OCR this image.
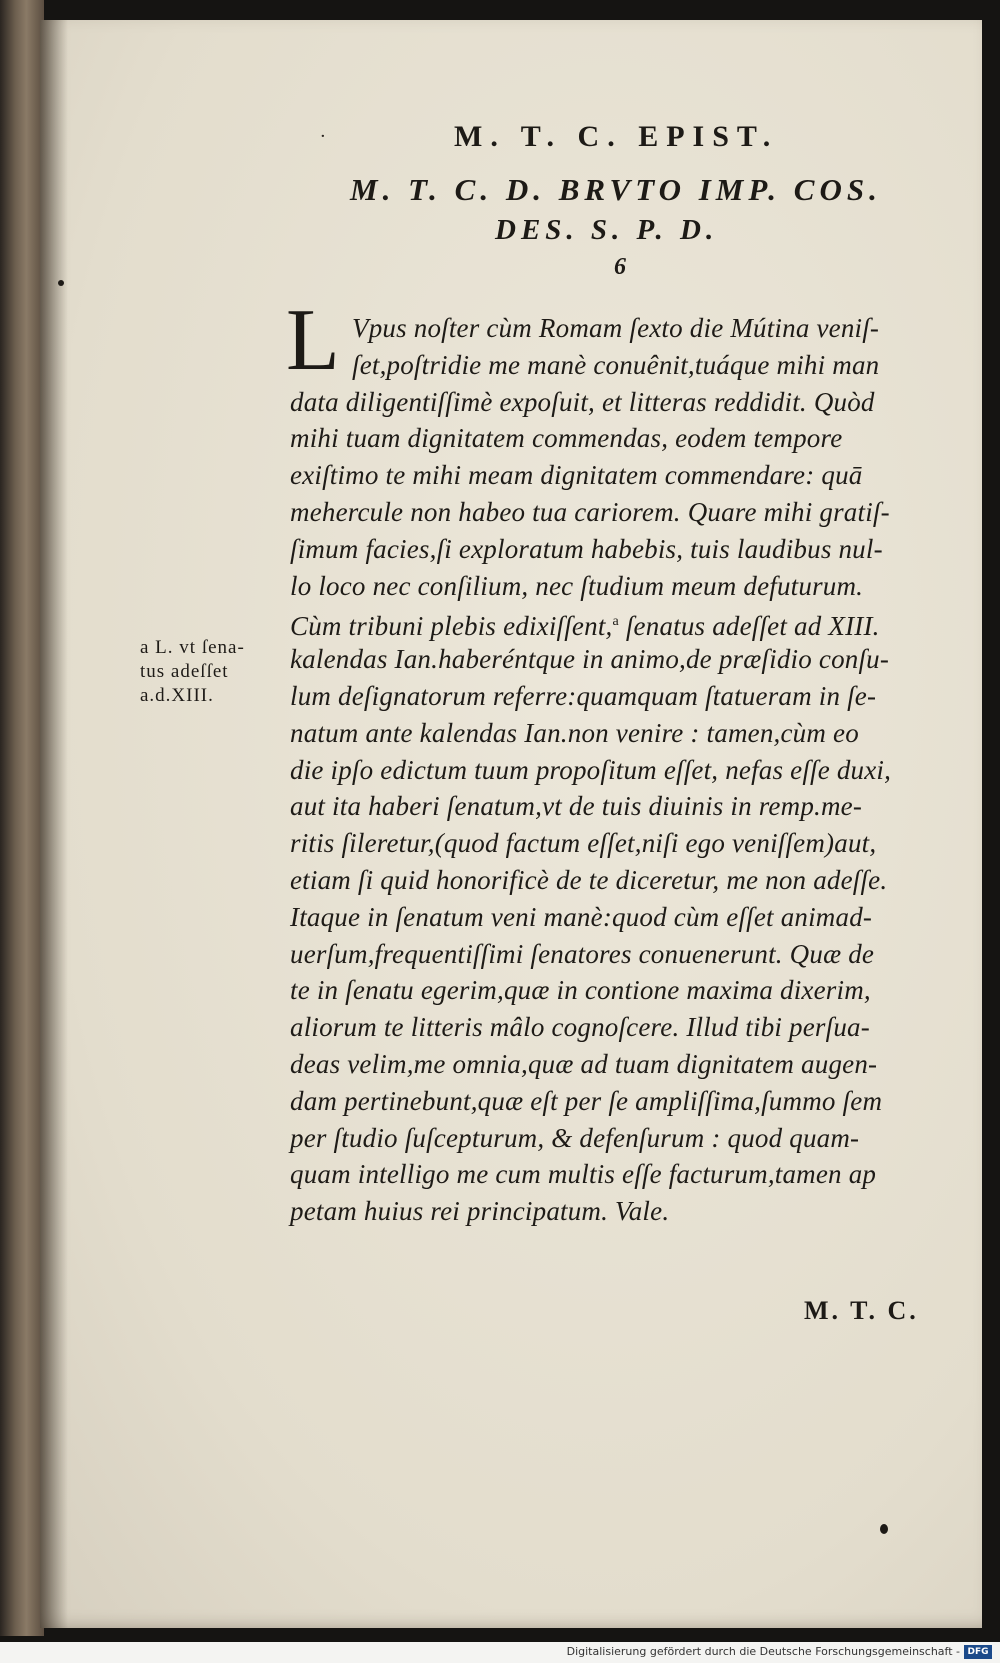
·	M. T. C. EPIST.
M. T. C. D. BRVTO IMP. COS.
DES. S. P. D.
6
L Vpus noſter cùm Romam ſexto die Mútina veniſ-
ſet,poſtridie me manè conuênit,tuáque mihi man
data diligentiſſimè expoſuit, et litteras reddidit. Quòd
mihi tuam dignitatem commendas, eodem tempore
exiſtimo te mihi meam dignitatem commendare: quā
mehercule non habeo tua cariorem. Quare mihi gratiſ-
ſimum facies,ſi exploratum habebis, tuis laudibus nul-
lo loco nec conſilium, nec ſtudium meum defuturum.
Cùm tribuni plebis edixiſſent,$^a$ ſenatus adeſſet ad XIII.
kalendas Ian.haberéntque in animo,de præſidio conſu-
lum deſignatorum referre:quamquam ſtatueram in ſe-
natum ante kalendas Ian.non venire : tamen,cùm eo
die ipſo edictum tuum propoſitum eſſet, nefas eſſe duxi,
aut ita haberi ſenatum,vt de tuis diuinis in remp.me-
ritis ſileretur,(quod factum eſſet,niſi ego veniſſem)aut,
etiam ſi quid honorificè de te diceretur, me non adeſſe.
Itaque in ſenatum veni manè:quod cùm eſſet animad-
uerſum,frequentiſſimi ſenatores conuenerunt. Quæ de
te in ſenatu egerim,quæ in contione maxima dixerim,
aliorum te litteris mâlo cognoſcere. Illud tibi perſua-
deas velim,me omnia,quæ ad tuam dignitatem augen-
dam pertinebunt,quæ eſt per ſe ampliſſima,ſummo ſem
per ſtudio ſuſcepturum, & defenſurum : quod quam-
quam intelligo me cum multis eſſe facturum,tamen ap
petam huius rei principatum. Vale.
a L. vt ſena-
tus adeſſet
a.d.XIII.
M. T. C.
Digitalisierung gefördert durch die Deutsche Forschungsgemeinschaft - DFG
